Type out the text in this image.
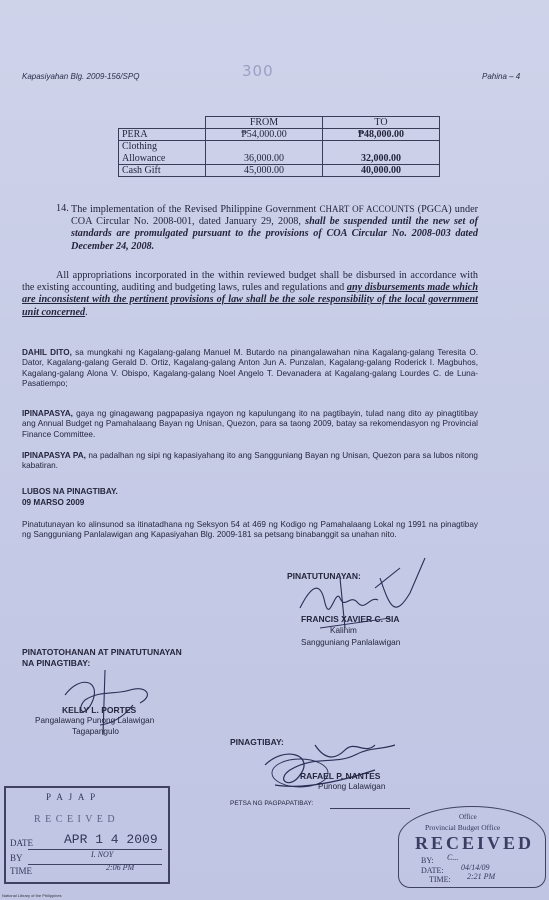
Kapasiyahan Blg. 2009-156/SPQ	300	Pahina – 4
	FROM	TO
PERA	₱54,000.00	₱48,000.00
Clothing		
Allowance	36,000.00	32,000.00
Cash Gift	45,000.00	40,000.00
14. The implementation of the Revised Philippine Government CHART OF ACCOUNTS (PGCA) under COA Circular No. 2008-001, dated January 29, 2008, shall be suspended until the new set of standards are promulgated pursuant to the provisions of COA Circular No. 2008-003 dated December 24, 2008.
All appropriations incorporated in the within reviewed budget shall be disbursed in accordance with the existing accounting, auditing and budgeting laws, rules and regulations and any disbursements made which are inconsistent with the pertinent provisions of law shall be the sole responsibility of the local government unit concerned.
DAHIL DITO, sa mungkahi ng Kagalang-galang Manuel M. Butardo na pinangalawahan nina Kagalang-galang Teresita O. Dator, Kagalang-galang Gerald D. Ortiz, Kagalang-galang Anton Jun A. Punzalan, Kagalang-galang Roderick I. Magbuhos, Kagalang-galang Alona V. Obispo, Kagalang-galang Noel Angelo T. Devanadera at Kagalang-galang Lourdes C. de Luna-Pasatiempo;
IPINAPASYA, gaya ng ginagawang pagpapasiya ngayon ng kapulungang ito na pagtibayin, tulad nang dito ay pinagtitibay ang Annual Budget ng Pamahalaang Bayan ng Unisan, Quezon, para sa taong 2009, batay sa rekomendasyon ng Provincial Finance Committee.
IPINAPASYA PA, na padalhan ng sipi ng kapasiyahang ito ang Sangguniang Bayan ng Unisan, Quezon para sa lubos nitong kabatiran.
LUBOS NA PINAGTIBAY.
09 MARSO 2009
Pinatutunayan ko alinsunod sa itinatadhana ng Seksyon 54 at 469 ng Kodigo ng Pamahalaang Lokal ng 1991 na pinagtibay ng Sangguniang Panlalawigan ang Kapasiyahan Blg. 2009-181 sa petsang binabanggit sa unahan nito.
PINATUTUNAYAN:
FRANCIS XAVIER C. SIA
Kalihim
Sangguniang Panlalawigan
PINATOTOHANAN AT PINATUTUNAYAN
NA PINAGTIBAY:
KELLY L. PORTES
Pangalawang Punong Lalawigan
Tagapangulo
PINAGTIBAY:
RAFAEL P. NANTES
Punong Lalawigan
PETSA NG PAGPAPATIBAY:
P A J A P
R E C E I V E D
DATE APR 1 4 2009
BY	I. NOY
TIME	2:06 PM
Office
Provincial Budget Office
RECEIVED
BY: C...
DATE: 04/14/09
TIME: 2:21 PM
National Library of the Philippines
